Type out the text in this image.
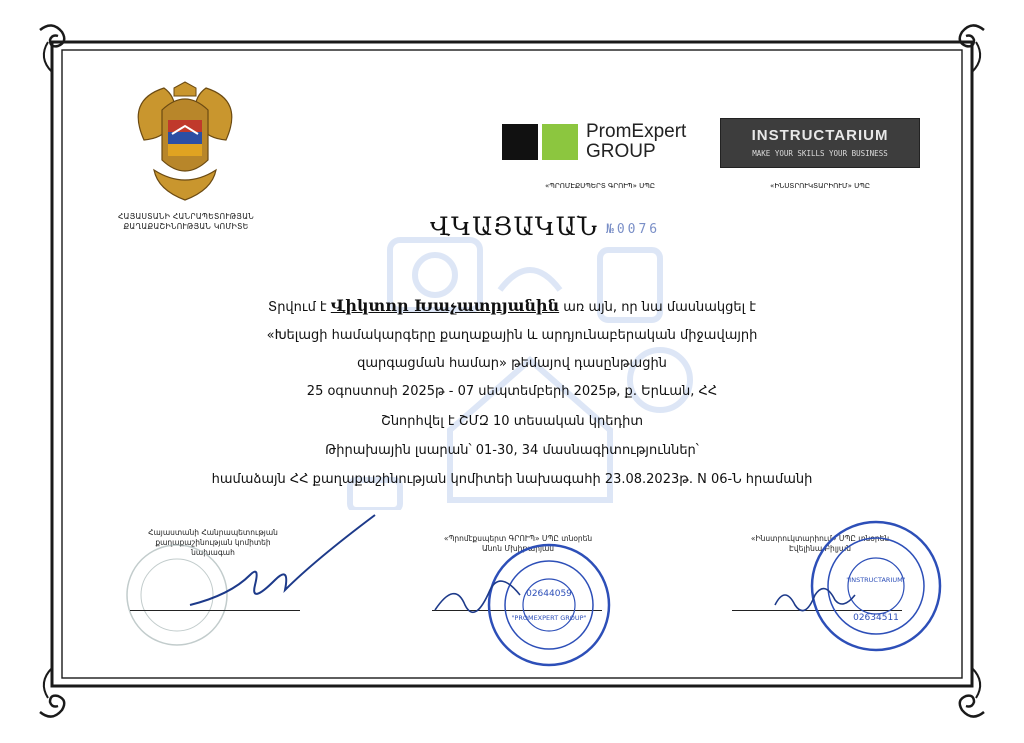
ՀԱՅԱՍՏԱՆԻ ՀԱՆՐԱՊԵՏՈՒԹՅԱՆ
ՔԱՂԱՔԱՇԻՆՈՒԹՅԱՆ ԿՈՄԻՏԵ
PromExpert
GROUP
«ՊՐՈՄԷՔՍՊԵՐՏ ԳՐՈՒՊ» ՍՊԸ
INSTRUCTARIUM
MAKE YOUR SKILLS YOUR BUSINESS
«ԻՆՍՏՐՈՒԿՏԱՐԻՈՒՄ» ՍՊԸ
ՎԿԱՅԱԿԱՆ №0076
Տրվում է Վիկտոր Խաչատրյանին առ այն, որ նա մասնակցել է
«Խելացի համակարգերը քաղաքային և արդյունաբերական միջավայրի
զարգացման համար» թեմայով դասընթացին
25 օգոստոսի 2025թ - 07 սեպտեմբերի 2025թ, ք. Երևան, ՀՀ
Շնորհվել է ՇՄԶ 10 տեսական կրեդիտ
Թիրախային լսարան՝ 01-30, 34 մասնագիտություններ՝
համաձայն ՀՀ քաղաքաշինության կոմիտեի նախագահի 23.08.2023թ. N 06-Ն հրամանի
Հայաստանի Հանրապետության
քաղաքաշինության կոմիտեի
նախագահ
«Պրոմէքսպերտ ԳՐՈՒՊ» ՍՊԸ տնօրեն
Անոն Մխիթարյան
02644059
"PROMEXPERT GROUP"
«Ինստրուկտարիում» ՍՊԸ տնօրեն
Էվելինա Բիլյան
"INSTRUCTARIUM"
02634511
